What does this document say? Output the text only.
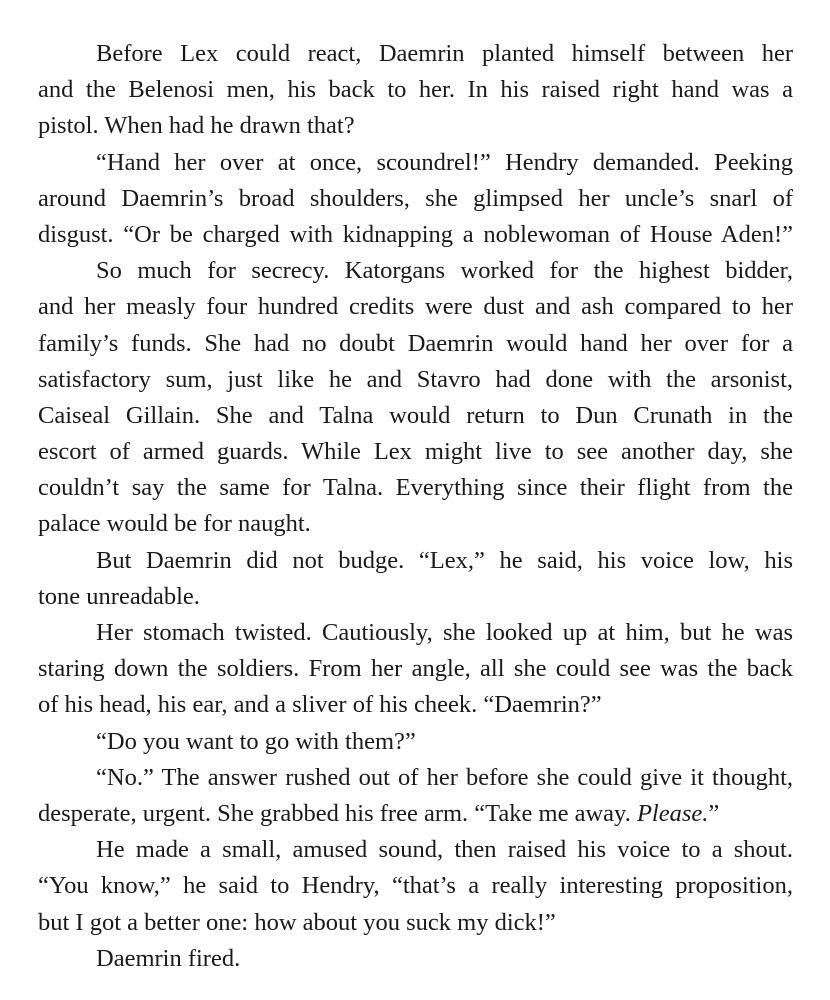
Before Lex could react, Daemrin planted himself between her
and the Belenosi men, his back to her. In his raised right hand was a
pistol. When had he drawn that?
“Hand her over at once, scoundrel!” Hendry demanded. Peeking
around Daemrin’s broad shoulders, she glimpsed her uncle’s snarl of
disgust. “Or be charged with kidnapping a noblewoman of House Aden!”
So much for secrecy. Katorgans worked for the highest bidder,
and her measly four hundred credits were dust and ash compared to her
family’s funds. She had no doubt Daemrin would hand her over for a
satisfactory sum, just like he and Stavro had done with the arsonist,
Caiseal Gillain. She and Talna would return to Dun Crunath in the
escort of armed guards. While Lex might live to see another day, she
couldn’t say the same for Talna. Everything since their flight from the
palace would be for naught.
But Daemrin did not budge. “Lex,” he said, his voice low, his
tone unreadable.
Her stomach twisted. Cautiously, she looked up at him, but he was
staring down the soldiers. From her angle, all she could see was the back
of his head, his ear, and a sliver of his cheek. “Daemrin?”
“Do you want to go with them?”
“No.” The answer rushed out of her before she could give it thought,
desperate, urgent. She grabbed his free arm. “Take me away. Please.”
He made a small, amused sound, then raised his voice to a shout.
“You know,” he said to Hendry, “that’s a really interesting proposition,
but I got a better one: how about you suck my dick!”
Daemrin fired.
